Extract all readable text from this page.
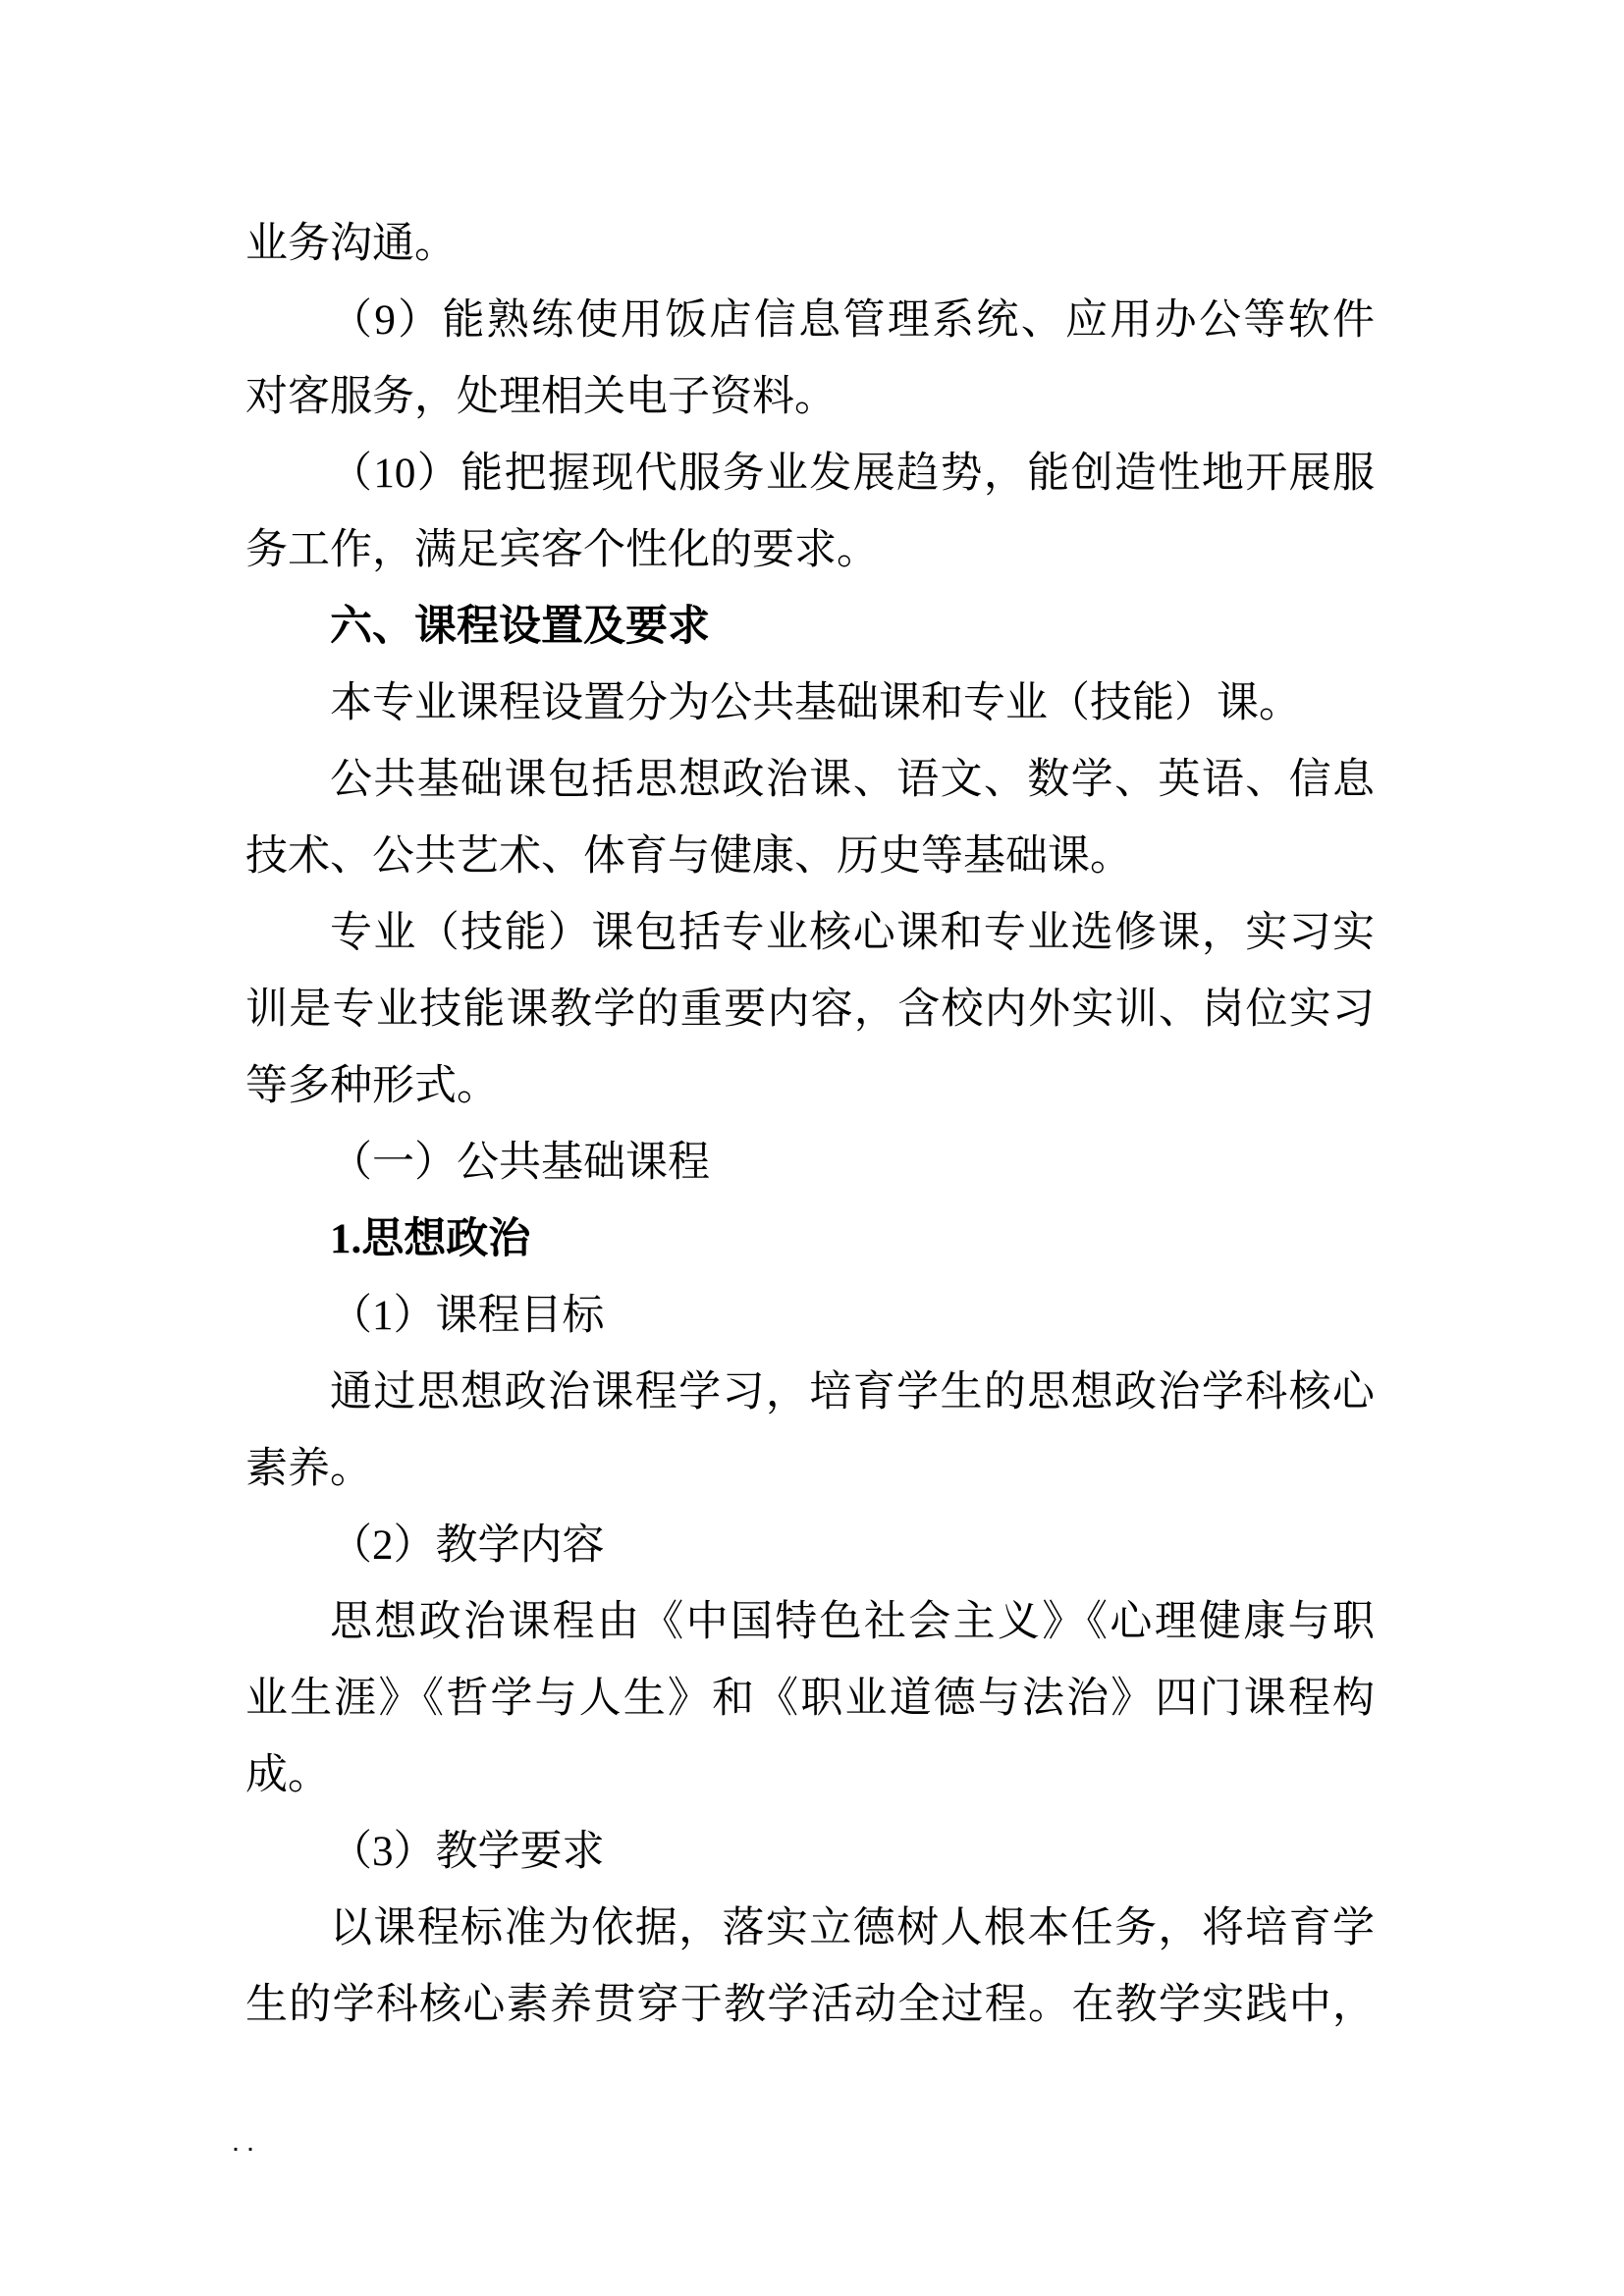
业务沟通。
（9）能熟练使用饭店信息管理系统、应用办公等软件
对客服务，处理相关电子资料。
（10）能把握现代服务业发展趋势，能创造性地开展服
务工作，满足宾客个性化的要求。
六、课程设置及要求
本专业课程设置分为公共基础课和专业（技能）课。
公共基础课包括思想政治课、语文、数学、英语、信息
技术、公共艺术、体育与健康、历史等基础课。
专业（技能）课包括专业核心课和专业选修课，实习实
训是专业技能课教学的重要内容，含校内外实训、岗位实习
等多种形式。
（一）公共基础课程
1.思想政治
（1）课程目标
通过思想政治课程学习，培育学生的思想政治学科核心
素养。
（2）教学内容
思想政治课程由《中国特色社会主义》《心理健康与职
业生涯》《哲学与人生》和《职业道德与法治》四门课程构
成。
（3）教学要求
以课程标准为依据，落实立德树人根本任务，将培育学
生的学科核心素养贯穿于教学活动全过程。在教学实践中，
..
